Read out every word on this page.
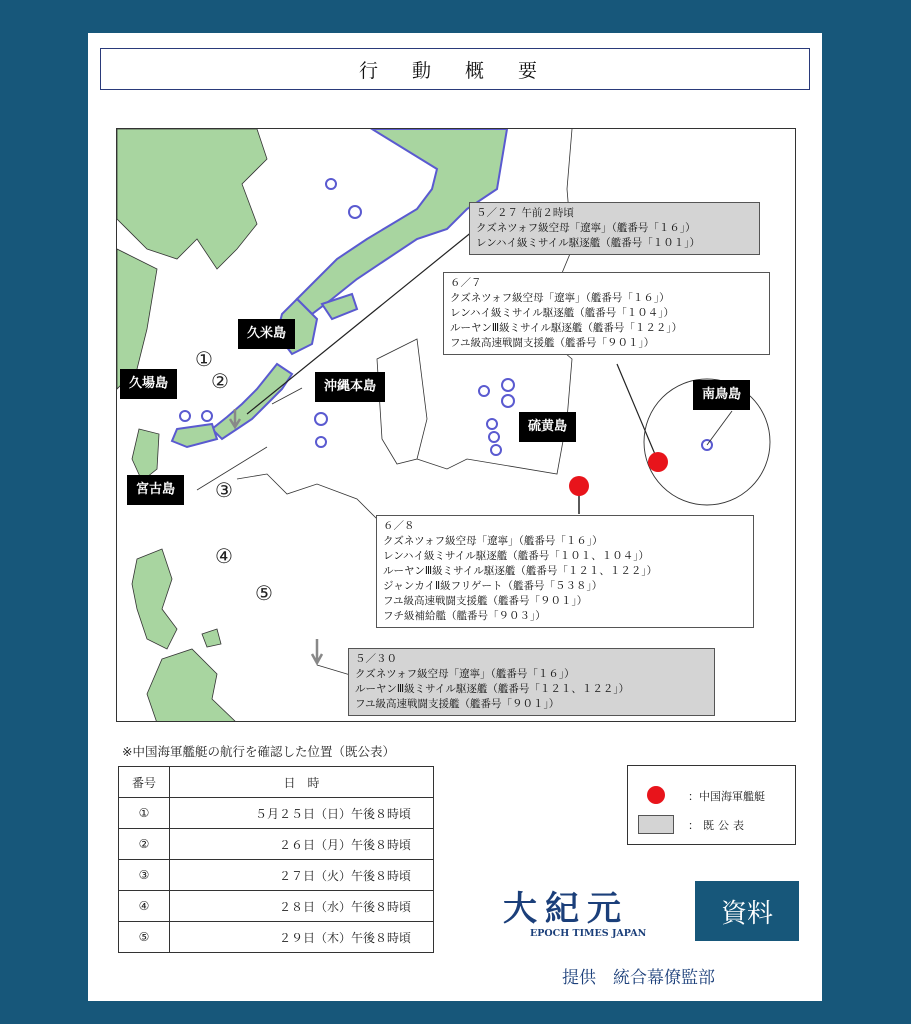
行 動 概 要
久米島
久場島	沖縄本島
宮古島
硫黄島
南鳥島
①
②
③
④
⑤
５／２７ 午前２時頃
クズネツォフ級空母「遼寧」（艦番号「１６」）
レンハイ級ミサイル駆逐艦（艦番号「１０１」）
６／７
クズネツォフ級空母「遼寧」（艦番号「１６」）
レンハイ級ミサイル駆逐艦（艦番号「１０４」）
ルーヤンⅢ級ミサイル駆逐艦（艦番号「１２２」）
フユ級高速戦闘支援艦（艦番号「９０１」）
６／８
クズネツォフ級空母「遼寧」（艦番号「１６」）
レンハイ級ミサイル駆逐艦（艦番号「１０１、１０４」）
ルーヤンⅢ級ミサイル駆逐艦（艦番号「１２１、１２２」）
ジャンカイⅡ級フリゲート（艦番号「５３８」）
フユ級高速戦闘支援艦（艦番号「９０１」）
フチ級補給艦（艦番号「９０３」）
５／３０
クズネツォフ級空母「遼寧」（艦番号「１６」）
ルーヤンⅢ級ミサイル駆逐艦（艦番号「１２１、１２２」）
フユ級高速戦闘支援艦（艦番号「９０１」）
※中国海軍艦艇の航行を確認した位置（既公表）
番号	日　時
①	５月２５日（日）午後８時頃
②	２６日（月）午後８時頃
③	２７日（火）午後８時頃
④	２８日（水）午後８時頃
⑤	２９日（木）午後８時頃
：中国海軍艦艇
：既公表
大紀元
EPOCH TIMES JAPAN
資料
提供　統合幕僚監部
